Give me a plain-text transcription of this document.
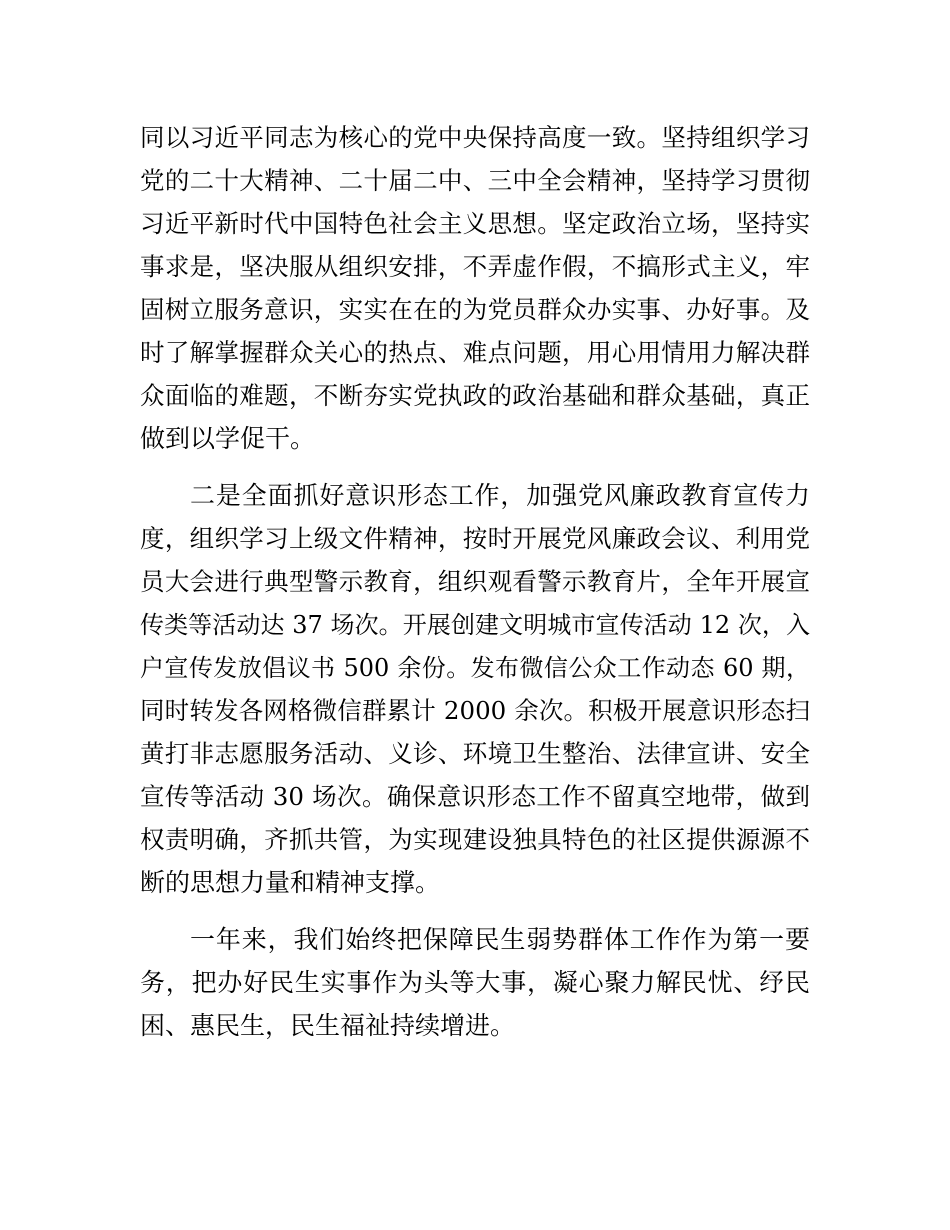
同以习近平同志为核心的党中央保持高度一致。坚持组织学习
党的二十大精神、二十届二中、三中全会精神，坚持学习贯彻
习近平新时代中国特色社会主义思想。坚定政治立场，坚持实
事求是，坚决服从组织安排，不弄虚作假，不搞形式主义，牢
固树立服务意识，实实在在的为党员群众办实事、办好事。及
时了解掌握群众关心的热点、难点问题，用心用情用力解决群
众面临的难题，不断夯实党执政的政治基础和群众基础，真正
做到以学促干。
二是全面抓好意识形态工作，加强党风廉政教育宣传力
度，组织学习上级文件精神，按时开展党风廉政会议、利用党
员大会进行典型警示教育，组织观看警示教育片，全年开展宣
传类等活动达 37 场次。开展创建文明城市宣传活动 12 次，入
户宣传发放倡议书 500 余份。发布微信公众工作动态 60 期，
同时转发各网格微信群累计 2000 余次。积极开展意识形态扫
黄打非志愿服务活动、义诊、环境卫生整治、法律宣讲、安全
宣传等活动 30 场次。确保意识形态工作不留真空地带，做到
权责明确，齐抓共管，为实现建设独具特色的社区提供源源不
断的思想力量和精神支撑。
一年来，我们始终把保障民生弱势群体工作作为第一要
务，把办好民生实事作为头等大事，凝心聚力解民忧、纾民
困、惠民生，民生福祉持续增进。
